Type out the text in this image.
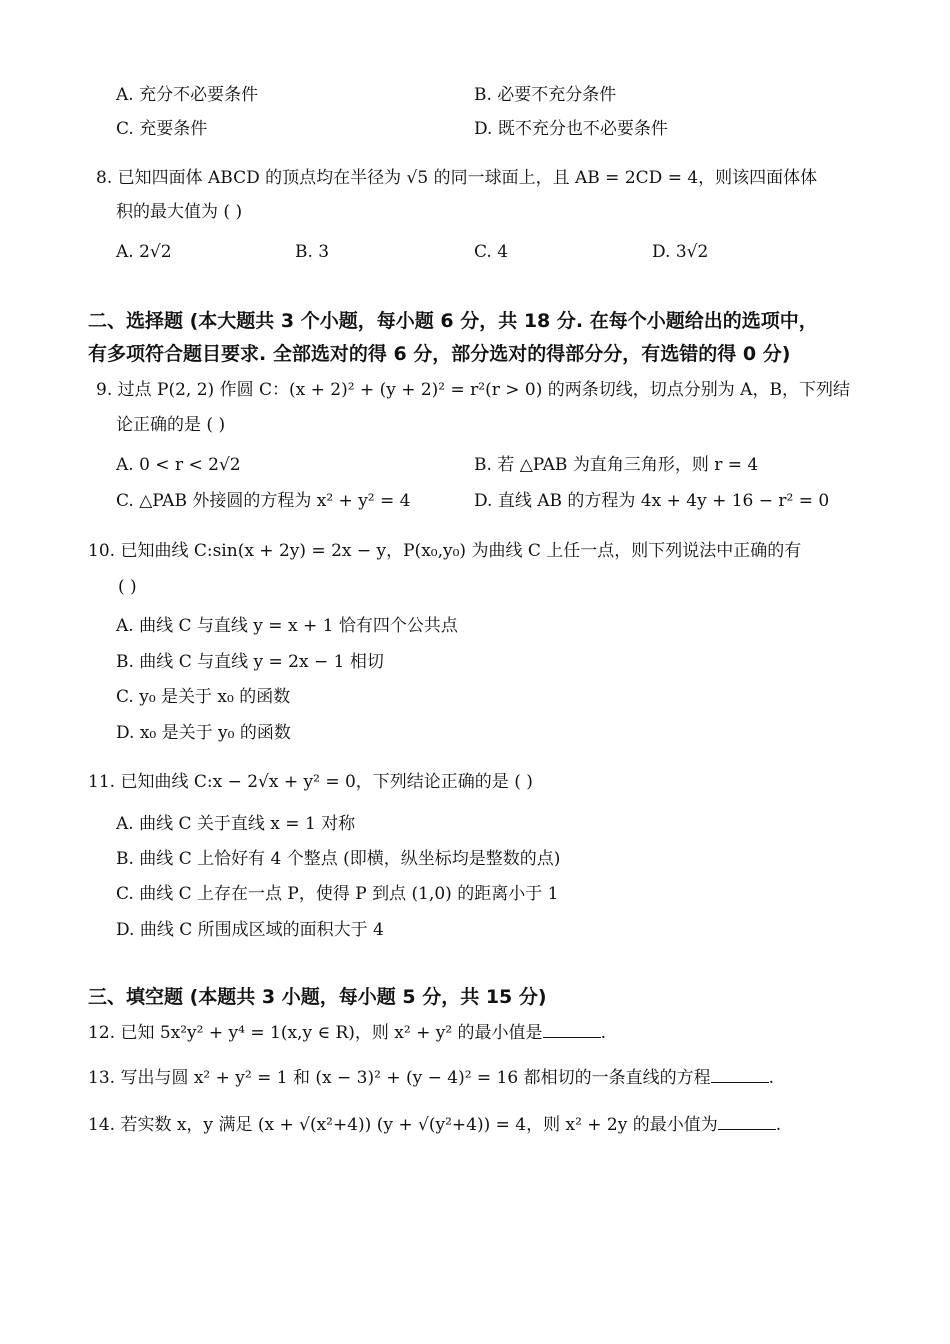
A. 充分不必要条件	B. 必要不充分条件
C. 充要条件	D. 既不充分也不必要条件
8. 已知四面体 ABCD 的顶点均在半径为 √5 的同一球面上，且 AB = 2CD = 4，则该四面体体
积的最大值为 ( )
A. 2√2	B. 3	C. 4	D. 3√2
二、选择题 (本大题共 3 个小题，每小题 6 分，共 18 分. 在每个小题给出的选项中，
有多项符合题目要求. 全部选对的得 6 分，部分选对的得部分分，有选错的得 0 分)
9. 过点 P(2, 2) 作圆 C：(x + 2)² + (y + 2)² = r²(r > 0) 的两条切线，切点分别为 A，B，下列结
论正确的是 ( )
A. 0 < r < 2√2	B. 若 △PAB 为直角三角形，则 r = 4
C. △PAB 外接圆的方程为 x² + y² = 4	D. 直线 AB 的方程为 4x + 4y + 16 − r² = 0
10. 已知曲线 C:sin(x + 2y) = 2x − y，P(x₀,y₀) 为曲线 C 上任一点，则下列说法中正确的有
( )
A. 曲线 C 与直线 y = x + 1 恰有四个公共点
B. 曲线 C 与直线 y = 2x − 1 相切
C. y₀ 是关于 x₀ 的函数
D. x₀ 是关于 y₀ 的函数
11. 已知曲线 C:x − 2√x + y² = 0，下列结论正确的是 ( )
A. 曲线 C 关于直线 x = 1 对称
B. 曲线 C 上恰好有 4 个整点 (即横，纵坐标均是整数的点)
C. 曲线 C 上存在一点 P，使得 P 到点 (1,0) 的距离小于 1
D. 曲线 C 所围成区域的面积大于 4
三、填空题 (本题共 3 小题，每小题 5 分，共 15 分)
12. 已知 5x²y² + y⁴ = 1(x,y ∈ R)，则 x² + y² 的最小值是	.
13. 写出与圆 x² + y² = 1 和 (x − 3)² + (y − 4)² = 16 都相切的一条直线的方程	.
14. 若实数 x，y 满足 (x + √(x²+4)) (y + √(y²+4)) = 4，则 x² + 2y 的最小值为	.
